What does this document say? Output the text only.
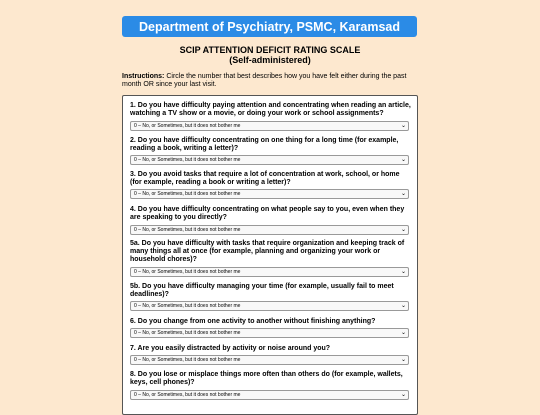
Department of Psychiatry, PSMC, Karamsad
SCIP ATTENTION DEFICIT RATING SCALE
(Self-administered)
Instructions: Circle the number that best describes how you have felt either during the past month OR since your last visit.
1. Do you have difficulty paying attention and concentrating when reading an article, watching a TV show or a movie, or doing your work or school assignments?
0 – No, or Sometimes, but it does not bother me	⌄
2. Do you have difficulty concentrating on one thing for a long time (for example, reading a book, writing a letter)?
0 – No, or Sometimes, but it does not bother me	⌄
3. Do you avoid tasks that require a lot of concentration at work, school, or home (for example, reading a book or writing a letter)?
0 – No, or Sometimes, but it does not bother me	⌄
4. Do you have difficulty concentrating on what people say to you, even when they are speaking to you directly?
0 – No, or Sometimes, but it does not bother me	⌄
5a. Do you have difficulty with tasks that require organization and keeping track of many things all at once (for example, planning and organizing your work or household chores)?
0 – No, or Sometimes, but it does not bother me	⌄
5b. Do you have difficulty managing your time (for example, usually fail to meet deadlines)?
0 – No, or Sometimes, but it does not bother me	⌄
6. Do you change from one activity to another without finishing anything?
0 – No, or Sometimes, but it does not bother me	⌄
7. Are you easily distracted by activity or noise around you?
0 – No, or Sometimes, but it does not bother me	⌄
8. Do you lose or misplace things more often than others do (for example, wallets, keys, cell phones)?
0 – No, or Sometimes, but it does not bother me	⌄
